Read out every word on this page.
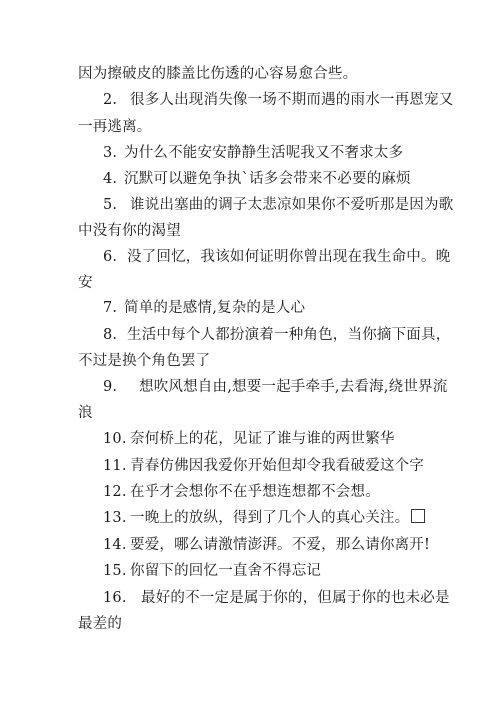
因为擦破皮的膝盖比伤透的心容易愈合些。
2. 很多人出现消失像一场不期而遇的雨水一再恩宠又
一再逃离。
3. 为什么不能安安静静生活呢我又不奢求太多
4. 沉默可以避免争执`话多会带来不必要的麻烦
5. 谁说出塞曲的调子太悲凉如果你不爱听那是因为歌
中没有你的渴望
6. 没了回忆，我该如何证明你曾出现在我生命中。晚
安
7. 简单的是感情,复杂的是人心
8. 生活中每个人都扮演着一种角色，当你摘下面具，
不过是换个角色罢了
9. 想吹风想自由,想要一起手牵手,去看海,绕世界流
浪
10. 奈何桥上的花，见证了谁与谁的两世繁华
11. 青春仿佛因我爱你开始但却令我看破爱这个字
12. 在乎才会想你不在乎想连想都不会想。
13. 一晚上的放纵，得到了几个人的真心关注。
14. 要爱，哪么请激情澎湃。不爱，那么请你离开!
15. 你留下的回忆一直舍不得忘记
16. 最好的不一定是属于你的，但属于你的也未必是
最差的
